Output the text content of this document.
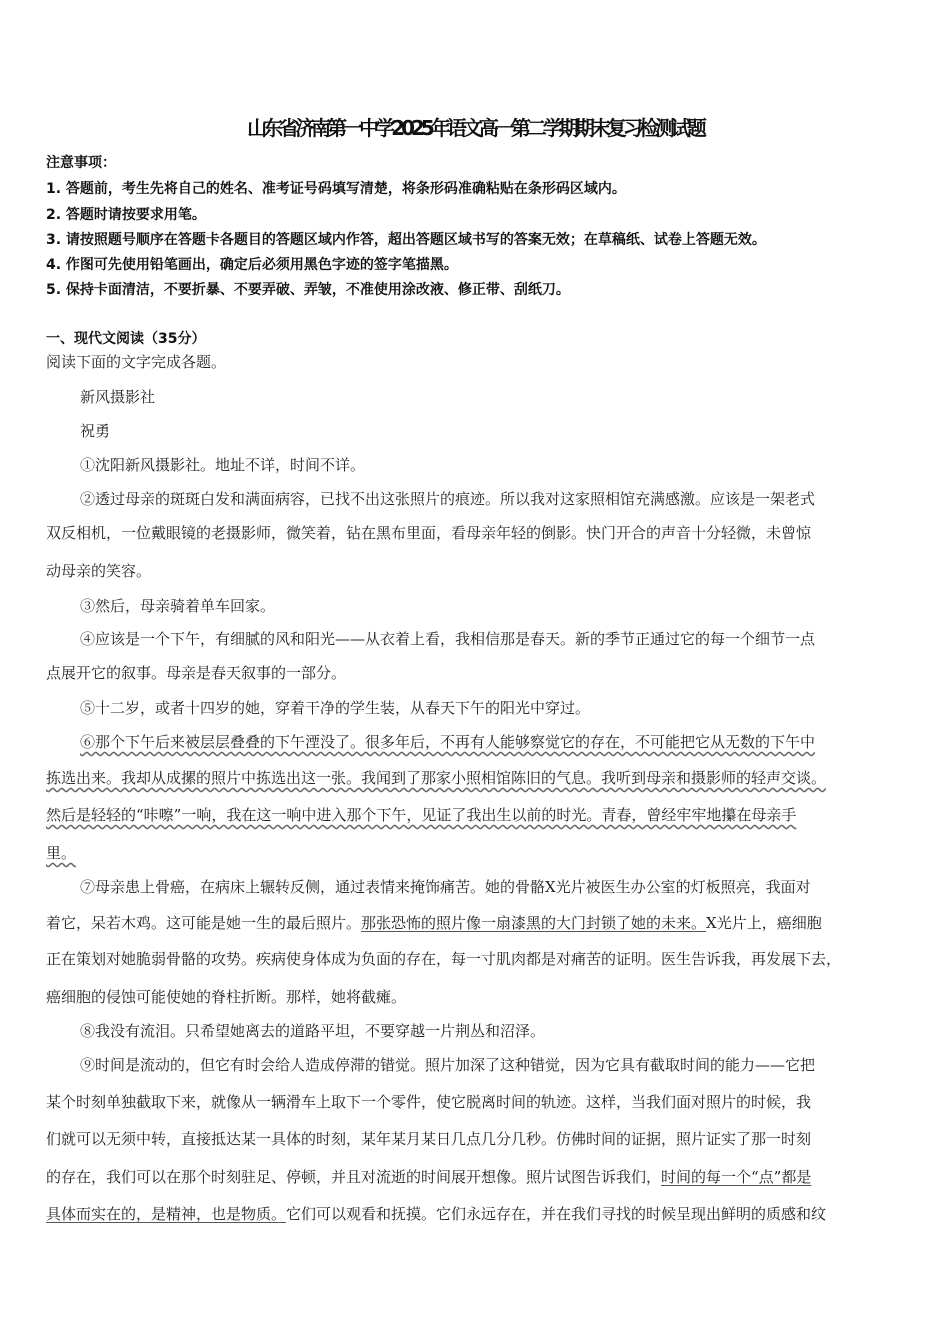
山东省济南第一中学2025年语文高一第二学期期末复习检测试题
注意事项：
1. 答题前，考生先将自己的姓名、准考证号码填写清楚，将条形码准确粘贴在条形码区域内。
2. 答题时请按要求用笔。
3. 请按照题号顺序在答题卡各题目的答题区域内作答，超出答题区域书写的答案无效；在草稿纸、试卷上答题无效。
4. 作图可先使用铅笔画出，确定后必须用黑色字迹的签字笔描黑。
5. 保持卡面清洁，不要折暴、不要弄破、弄皱，不准使用涂改液、修正带、刮纸刀。
一、现代文阅读（35分）
阅读下面的文字完成各题。
新风摄影社
祝勇
①沈阳新风摄影社。地址不详，时间不详。
②透过母亲的斑斑白发和满面病容，已找不出这张照片的痕迹。所以我对这家照相馆充满感激。应该是一架老式
双反相机，一位戴眼镜的老摄影师，微笑着，钻在黑布里面，看母亲年轻的倒影。快门开合的声音十分轻微，未曾惊
动母亲的笑容。
③然后，母亲骑着单车回家。
④应该是一个下午，有细腻的风和阳光——从衣着上看，我相信那是春天。新的季节正通过它的每一个细节一点
点展开它的叙事。母亲是春天叙事的一部分。
⑤十二岁，或者十四岁的她，穿着干净的学生装，从春天下午的阳光中穿过。
⑥那个下午后来被层层叠叠的下午湮没了。很多年后，不再有人能够察觉它的存在，不可能把它从无数的下午中
拣选出来。我却从成摞的照片中拣选出这一张。我闻到了那家小照相馆陈旧的气息。我听到母亲和摄影师的轻声交谈。
然后是轻轻的“咔嚓”一响，我在这一响中进入那个下午，见证了我出生以前的时光。青春，曾经牢牢地攥在母亲手
里。
⑦母亲患上骨癌，在病床上辗转反侧，通过表情来掩饰痛苦。她的骨骼X光片被医生办公室的灯板照亮，我面对
着它，呆若木鸡。这可能是她一生的最后照片。那张恐怖的照片像一扇漆黑的大门封锁了她的未来。X光片上，癌细胞
正在策划对她脆弱骨骼的攻势。疾病使身体成为负面的存在，每一寸肌肉都是对痛苦的证明。医生告诉我，再发展下去，
癌细胞的侵蚀可能使她的脊柱折断。那样，她将截瘫。
⑧我没有流泪。只希望她离去的道路平坦，不要穿越一片荆丛和沼泽。
⑨时间是流动的，但它有时会给人造成停滞的错觉。照片加深了这种错觉，因为它具有截取时间的能力——它把
某个时刻单独截取下来，就像从一辆滑车上取下一个零件，使它脱离时间的轨迹。这样，当我们面对照片的时候，我
们就可以无须中转，直接抵达某一具体的时刻，某年某月某日几点几分几秒。仿佛时间的证据，照片证实了那一时刻
的存在，我们可以在那个时刻驻足、停顿，并且对流逝的时间展开想像。照片试图告诉我们，时间的每一个“点”都是
具体而实在的，是精神，也是物质。它们可以观看和抚摸。它们永远存在，并在我们寻找的时候呈现出鲜明的质感和纹
